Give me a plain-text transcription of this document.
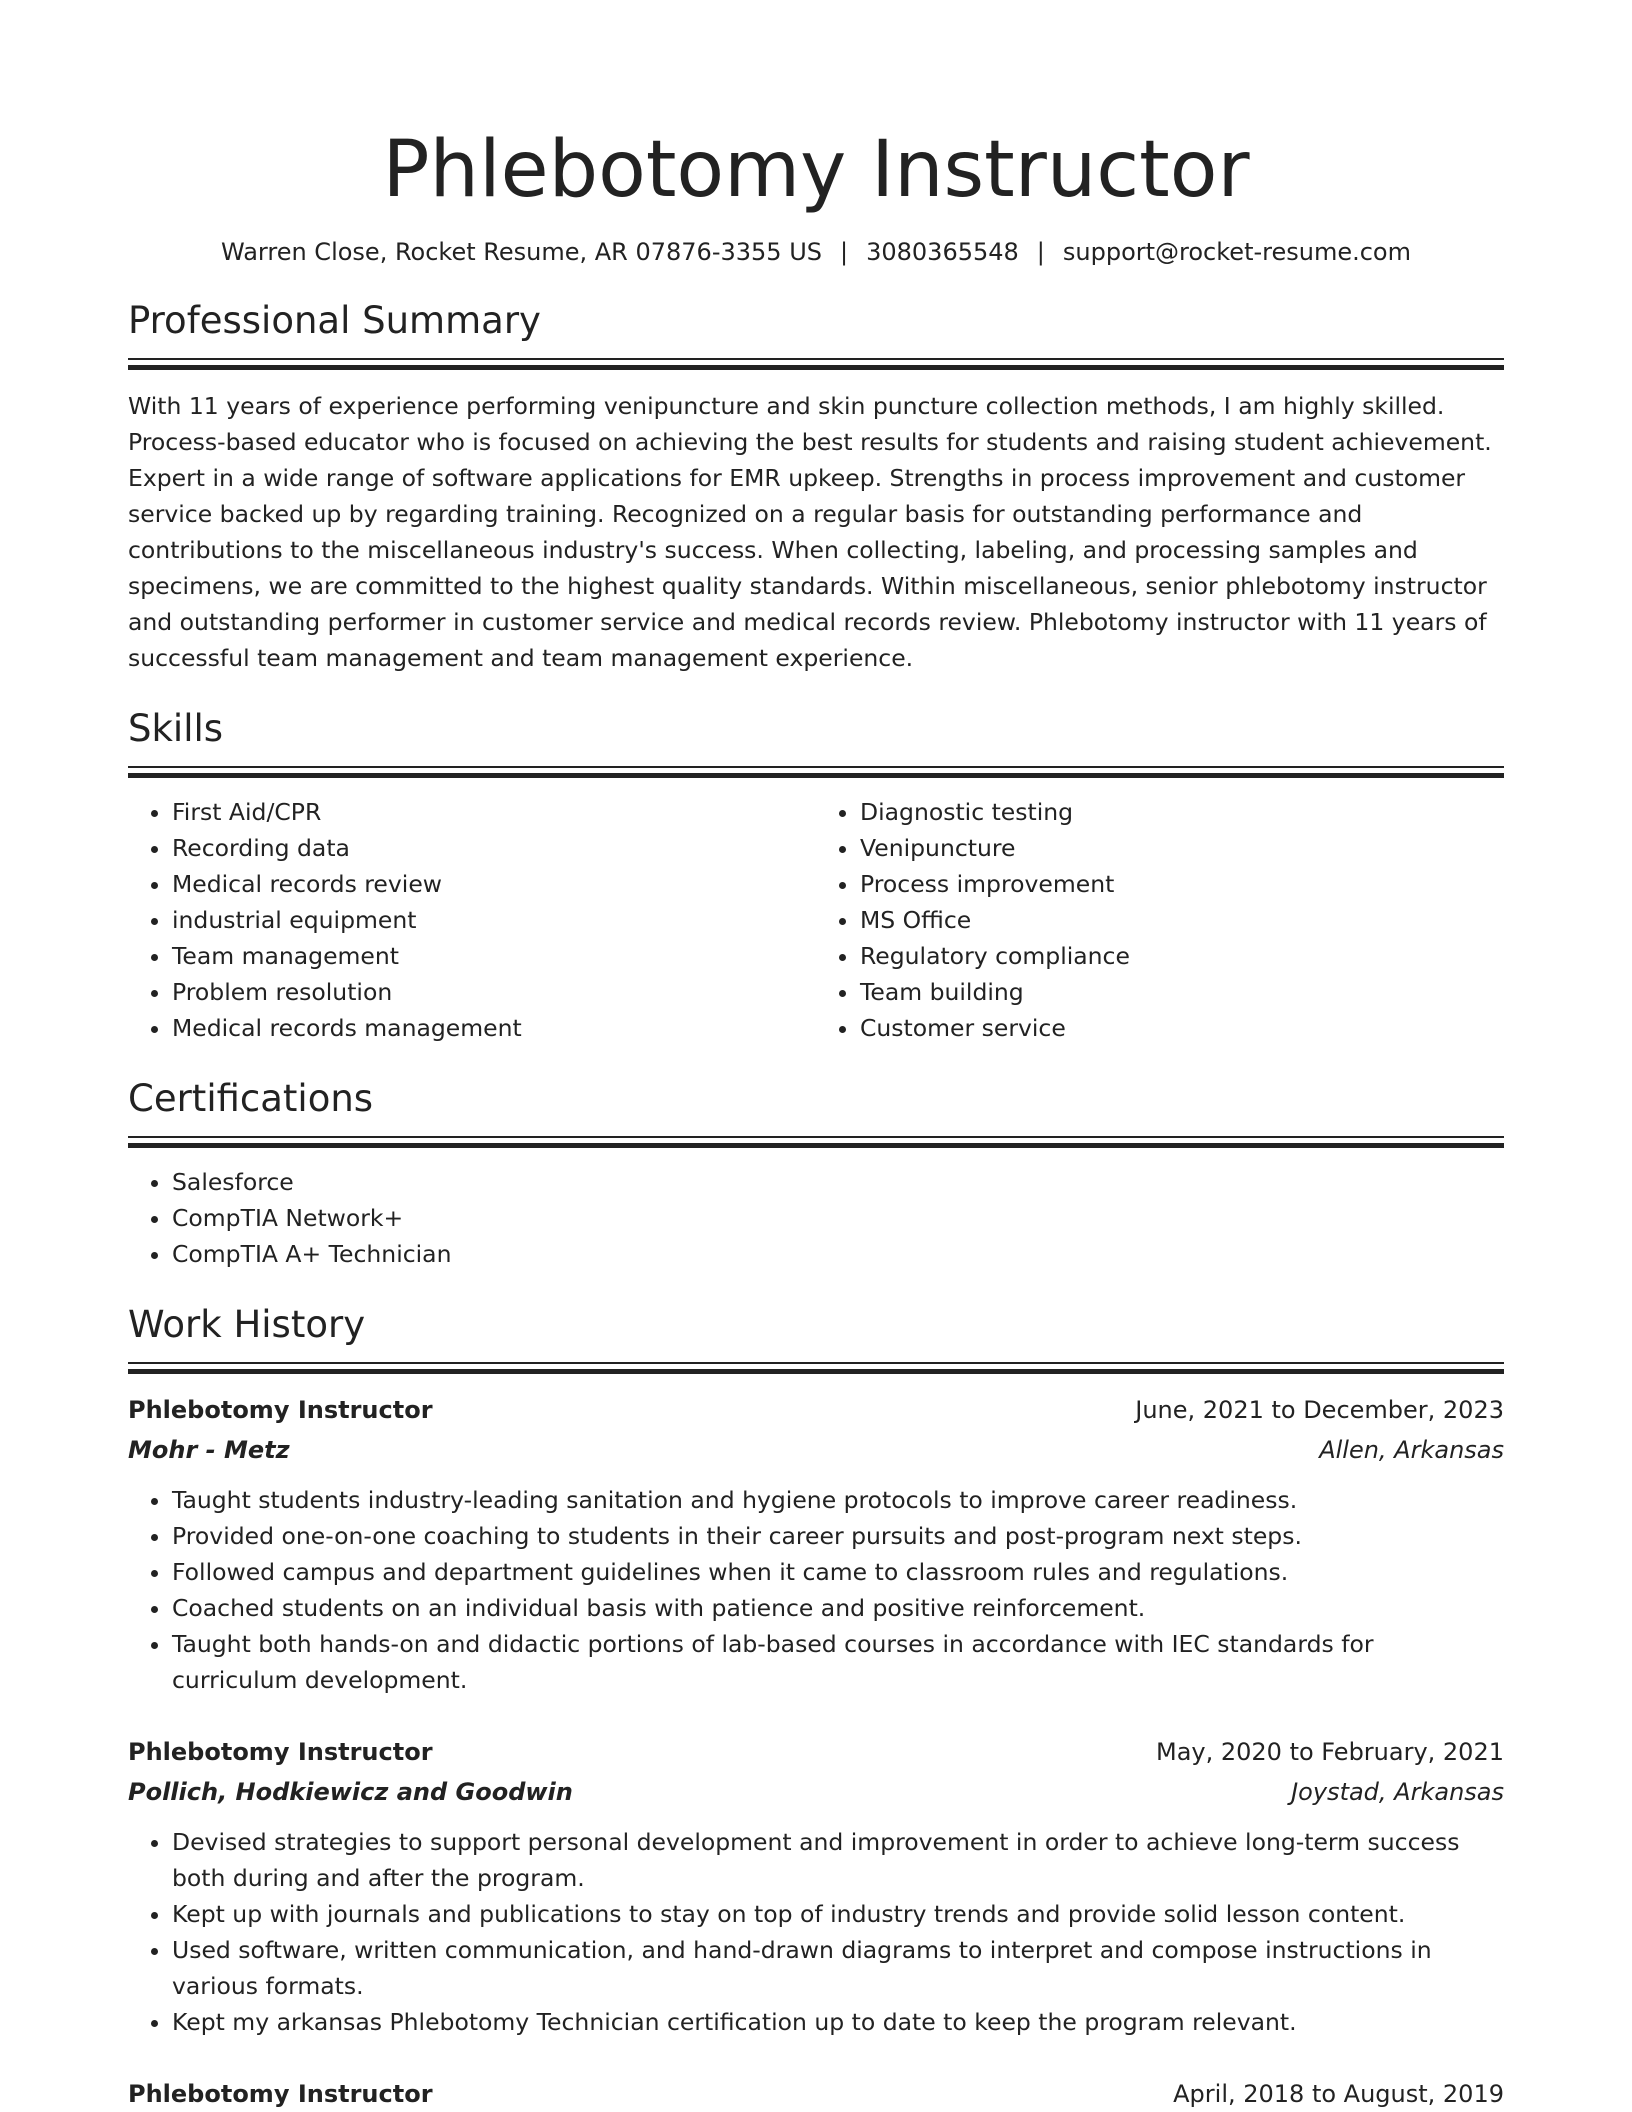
Phlebotomy Instructor
Warren Close, Rocket Resume, AR 07876-3355 US | 3080365548 | support@rocket-resume.com
Professional Summary
With 11 years of experience performing venipuncture and skin puncture collection methods, I am highly skilled. Process-based educator who is focused on achieving the best results for students and raising student achievement. Expert in a wide range of software applications for EMR upkeep. Strengths in process improvement and customer service backed up by regarding training. Recognized on a regular basis for outstanding performance and contributions to the miscellaneous industry's success. When collecting, labeling, and processing samples and specimens, we are committed to the highest quality standards. Within miscellaneous, senior phlebotomy instructor and outstanding performer in customer service and medical records review. Phlebotomy instructor with 11 years of successful team management and team management experience.
Skills
• First Aid/CPR
• Recording data
• Medical records review
• industrial equipment
• Team management
• Problem resolution
• Medical records management
• Diagnostic testing
• Venipuncture
• Process improvement
• MS Office
• Regulatory compliance
• Team building
• Customer service
Certifications
• Salesforce
• CompTIA Network+
• CompTIA A+ Technician
Work History
Phlebotomy Instructor	June, 2021 to December, 2023
Mohr - Metz	Allen, Arkansas
• Taught students industry-leading sanitation and hygiene protocols to improve career readiness.
• Provided one-on-one coaching to students in their career pursuits and post-program next steps.
• Followed campus and department guidelines when it came to classroom rules and regulations.
• Coached students on an individual basis with patience and positive reinforcement.
• Taught both hands-on and didactic portions of lab-based courses in accordance with IEC standards for curriculum development.
Phlebotomy Instructor	May, 2020 to February, 2021
Pollich, Hodkiewicz and Goodwin	Joystad, Arkansas
• Devised strategies to support personal development and improvement in order to achieve long-term success both during and after the program.
• Kept up with journals and publications to stay on top of industry trends and provide solid lesson content.
• Used software, written communication, and hand-drawn diagrams to interpret and compose instructions in various formats.
• Kept my arkansas Phlebotomy Technician certification up to date to keep the program relevant.
Phlebotomy Instructor	April, 2018 to August, 2019
